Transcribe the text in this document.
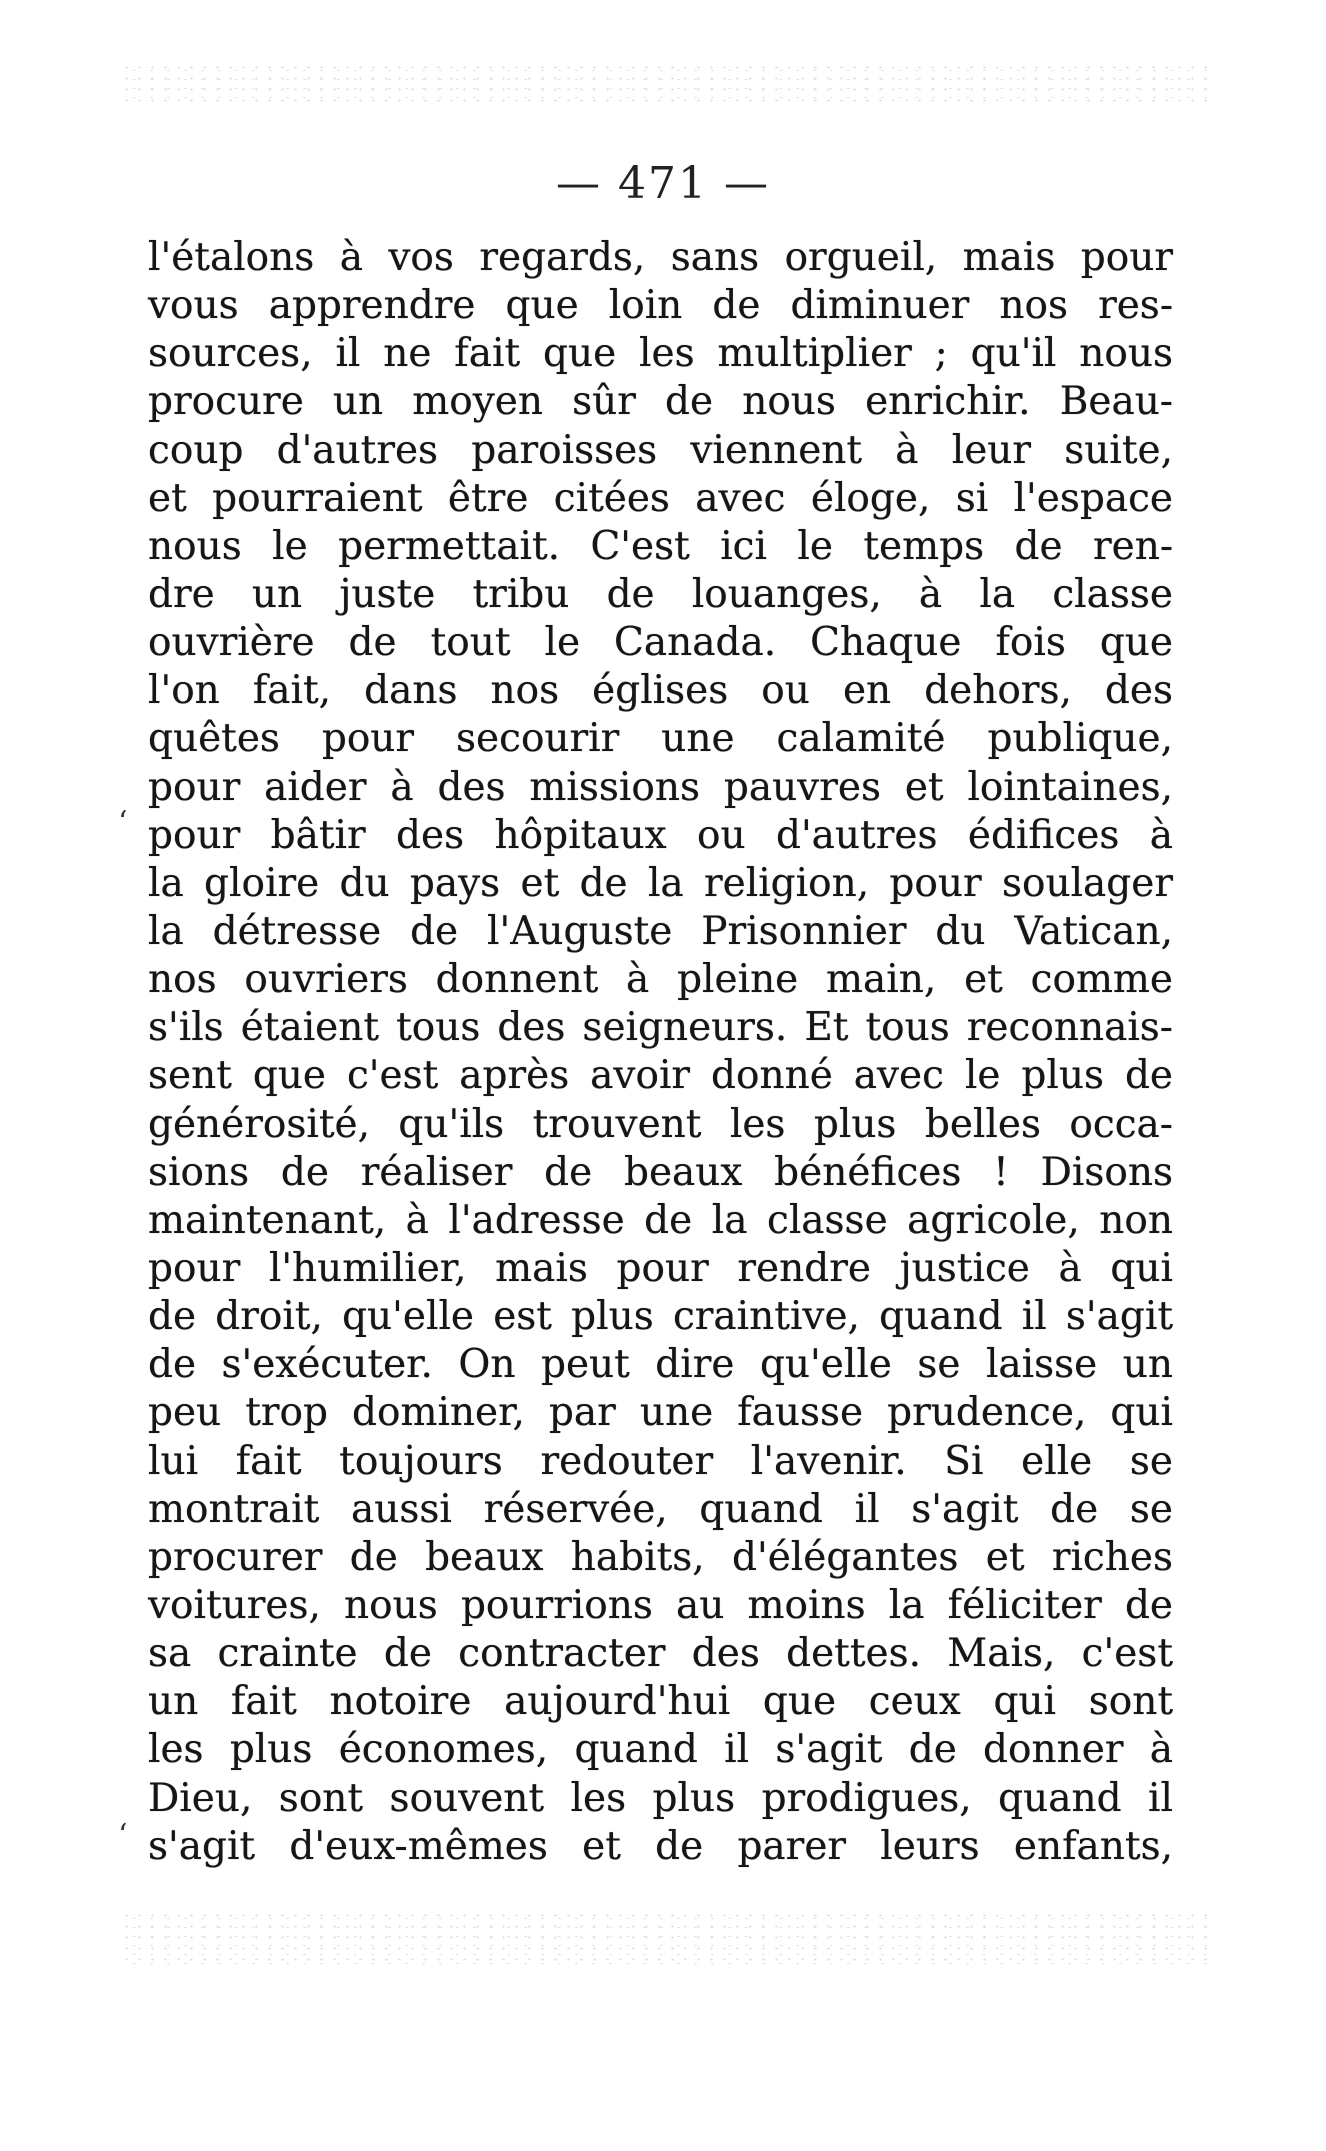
— 471 —
‘
‘
l'étalons à vos regards, sans orgueil, mais pour
vous apprendre que loin de diminuer nos res-
sources, il ne fait que les multiplier ; qu'il nous
procure un moyen sûr de nous enrichir. Beau-
coup d'autres paroisses viennent à leur suite,
et pourraient être citées avec éloge, si l'espace
nous le permettait. C'est ici le temps de ren-
dre un juste tribu de louanges, à la classe
ouvrière de tout le Canada. Chaque fois que
l'on fait, dans nos églises ou en dehors, des
quêtes pour secourir une calamité publique,
pour aider à des missions pauvres et lointaines,
pour bâtir des hôpitaux ou d'autres édifices à
la gloire du pays et de la religion, pour soulager
la détresse de l'Auguste Prisonnier du Vatican,
nos ouvriers donnent à pleine main, et comme
s'ils étaient tous des seigneurs. Et tous reconnais-
sent que c'est après avoir donné avec le plus de
générosité, qu'ils trouvent les plus belles occa-
sions de réaliser de beaux bénéfices ! Disons
maintenant, à l'adresse de la classe agricole, non
pour l'humilier, mais pour rendre justice à qui
de droit, qu'elle est plus craintive, quand il s'agit
de s'exécuter. On peut dire qu'elle se laisse un
peu trop dominer, par une fausse prudence, qui
lui fait toujours redouter l'avenir. Si elle se
montrait aussi réservée, quand il s'agit de se
procurer de beaux habits, d'élégantes et riches
voitures, nous pourrions au moins la féliciter de
sa crainte de contracter des dettes. Mais, c'est
un fait notoire aujourd'hui que ceux qui sont
les plus économes, quand il s'agit de donner à
Dieu, sont souvent les plus prodigues, quand il
s'agit d'eux-mêmes et de parer leurs enfants,
